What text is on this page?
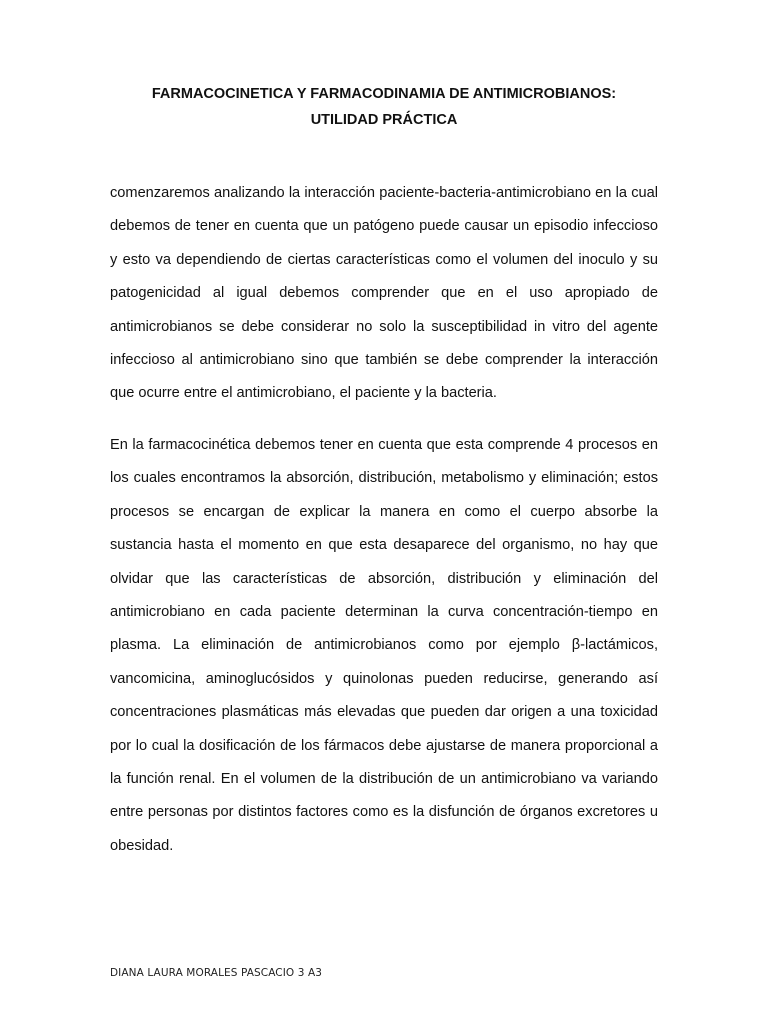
FARMACOCINETICA Y FARMACODINAMIA DE ANTIMICROBIANOS:
UTILIDAD PRÁCTICA

comenzaremos analizando la interacción paciente-bacteria-antimicrobiano en la cual debemos de tener en cuenta que un patógeno puede causar un episodio infeccioso y esto va dependiendo de ciertas características como el volumen del inoculo y su patogenicidad al igual debemos comprender que en el uso apropiado de antimicrobianos se debe considerar no solo la susceptibilidad in vitro del agente infeccioso al antimicrobiano sino que también se debe comprender la interacción que ocurre entre el antimicrobiano, el paciente y la bacteria.

En la farmacocinética debemos tener en cuenta que esta comprende 4 procesos en los cuales encontramos la absorción, distribución, metabolismo y eliminación; estos procesos se encargan de explicar la manera en como el cuerpo absorbe la sustancia hasta el momento en que esta desaparece del organismo, no hay que olvidar que las características de absorción, distribución y eliminación del antimicrobiano en cada paciente determinan la curva concentración-tiempo en plasma. La eliminación de antimicrobianos como por ejemplo β-lactámicos, vancomicina, aminoglucósidos y quinolonas pueden reducirse, generando así concentraciones plasmáticas más elevadas que pueden dar origen a una toxicidad por lo cual la dosificación de los fármacos debe ajustarse de manera proporcional a la función renal. En el volumen de la distribución de un antimicrobiano va variando entre personas por distintos factores como es la disfunción de órganos excretores u obesidad.

DIANA LAURA MORALES PASCACIO 3 A3
